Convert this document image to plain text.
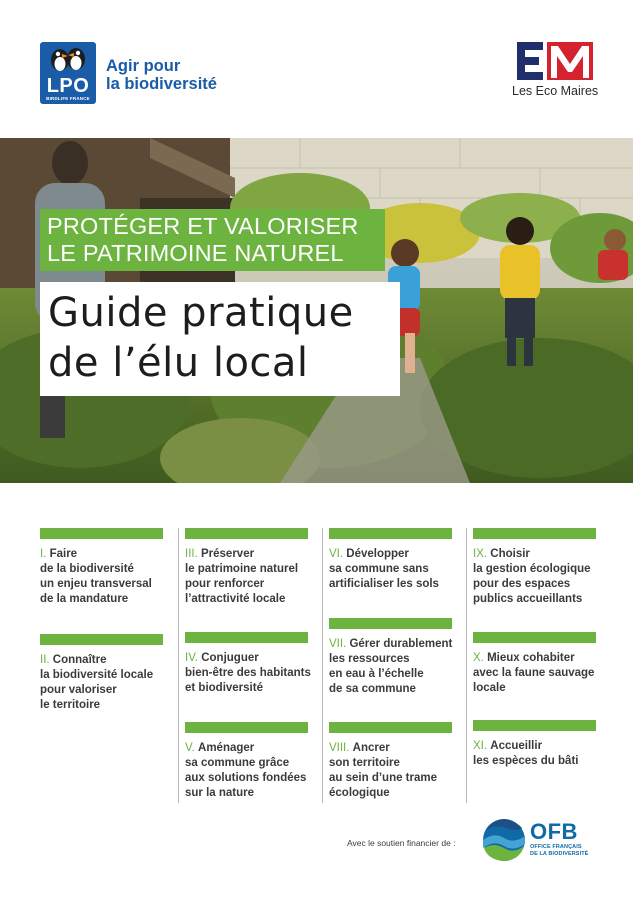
LPO
BIRDLIFE FRANCE
Agir pour
la biodiversité	Les Eco Maires
PROTÉGER ET VALORISER
LE PATRIMOINE NATUREL
Guide pratique
de l’élu local
I. Faire
de la biodiversité
un enjeu transversal
de la mandature
II. Connaître
la biodiversité locale
pour valoriser
le territoire
III. Préserver
le patrimoine naturel
pour renforcer
l’attractivité locale
IV. Conjuguer
bien-être des habitants
et biodiversité
V. Aménager
sa commune grâce
aux solutions fondées
sur la nature
VI. Développer
sa commune sans
artificialiser les sols
VII. Gérer durablement
les ressources
en eau à l’échelle
de sa commune
VIII. Ancrer
son territoire
au sein d’une trame
écologique
IX. Choisir
la gestion écologique
pour des espaces
publics accueillants
X. Mieux cohabiter
avec la faune sauvage
locale
XI. Accueillir
les espèces du bâti
Avec le soutien financier de :	OFB
OFFICE FRANÇAIS
DE LA BIODIVERSITÉ
